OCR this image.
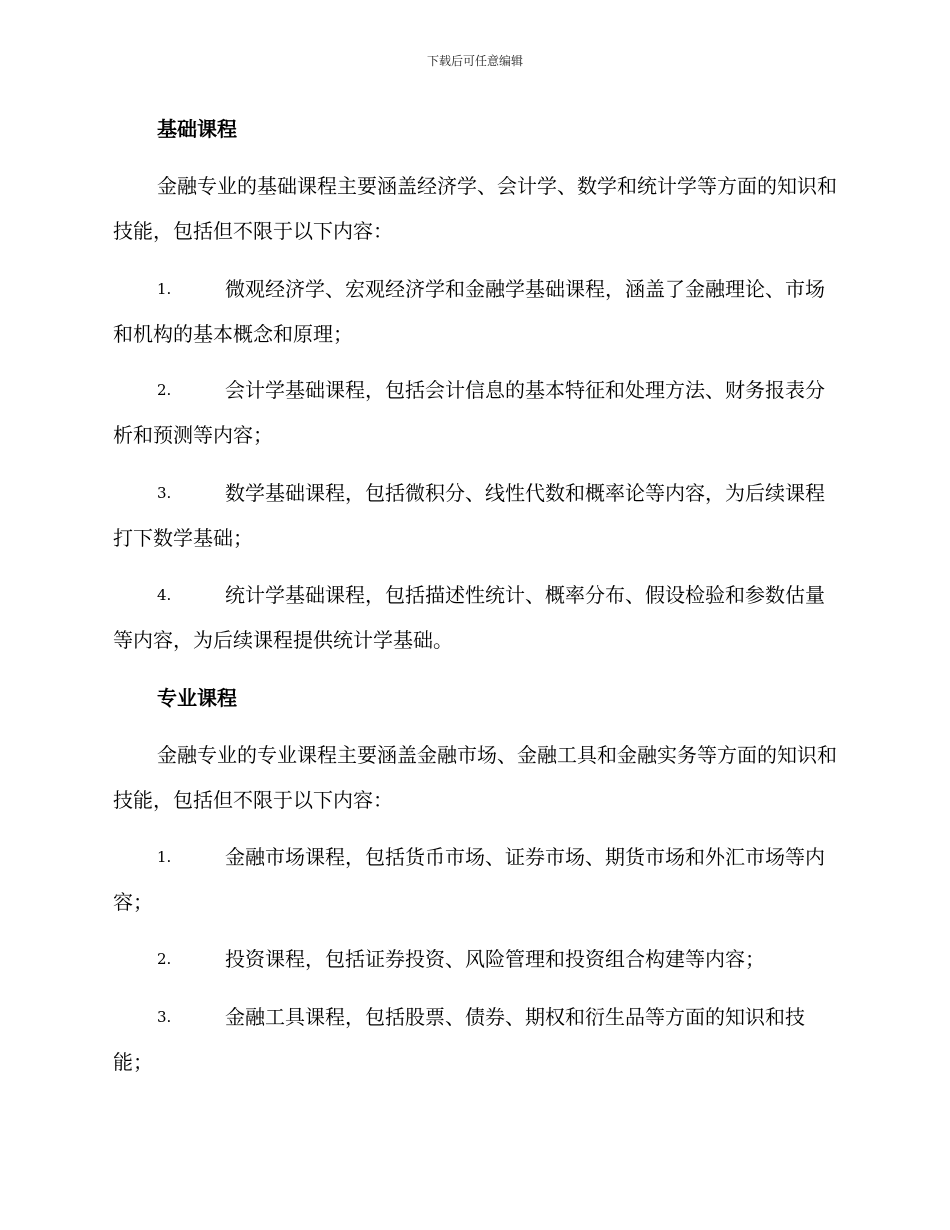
下载后可任意编辑
基础课程
金融专业的基础课程主要涵盖经济学、会计学、数学和统计学等方面的知识和技能，包括但不限于以下内容：
1.	微观经济学、宏观经济学和金融学基础课程，涵盖了金融理论、市场和机构的基本概念和原理；
2.	会计学基础课程，包括会计信息的基本特征和处理方法、财务报表分析和预测等内容；
3.	数学基础课程，包括微积分、线性代数和概率论等内容，为后续课程打下数学基础；
4.	统计学基础课程，包括描述性统计、概率分布、假设检验和参数估量等内容，为后续课程提供统计学基础。
专业课程
金融专业的专业课程主要涵盖金融市场、金融工具和金融实务等方面的知识和技能，包括但不限于以下内容：
1.	金融市场课程，包括货币市场、证券市场、期货市场和外汇市场等内容；
2.	投资课程，包括证券投资、风险管理和投资组合构建等内容；
3.	金融工具课程，包括股票、债券、期权和衍生品等方面的知识和技能；
